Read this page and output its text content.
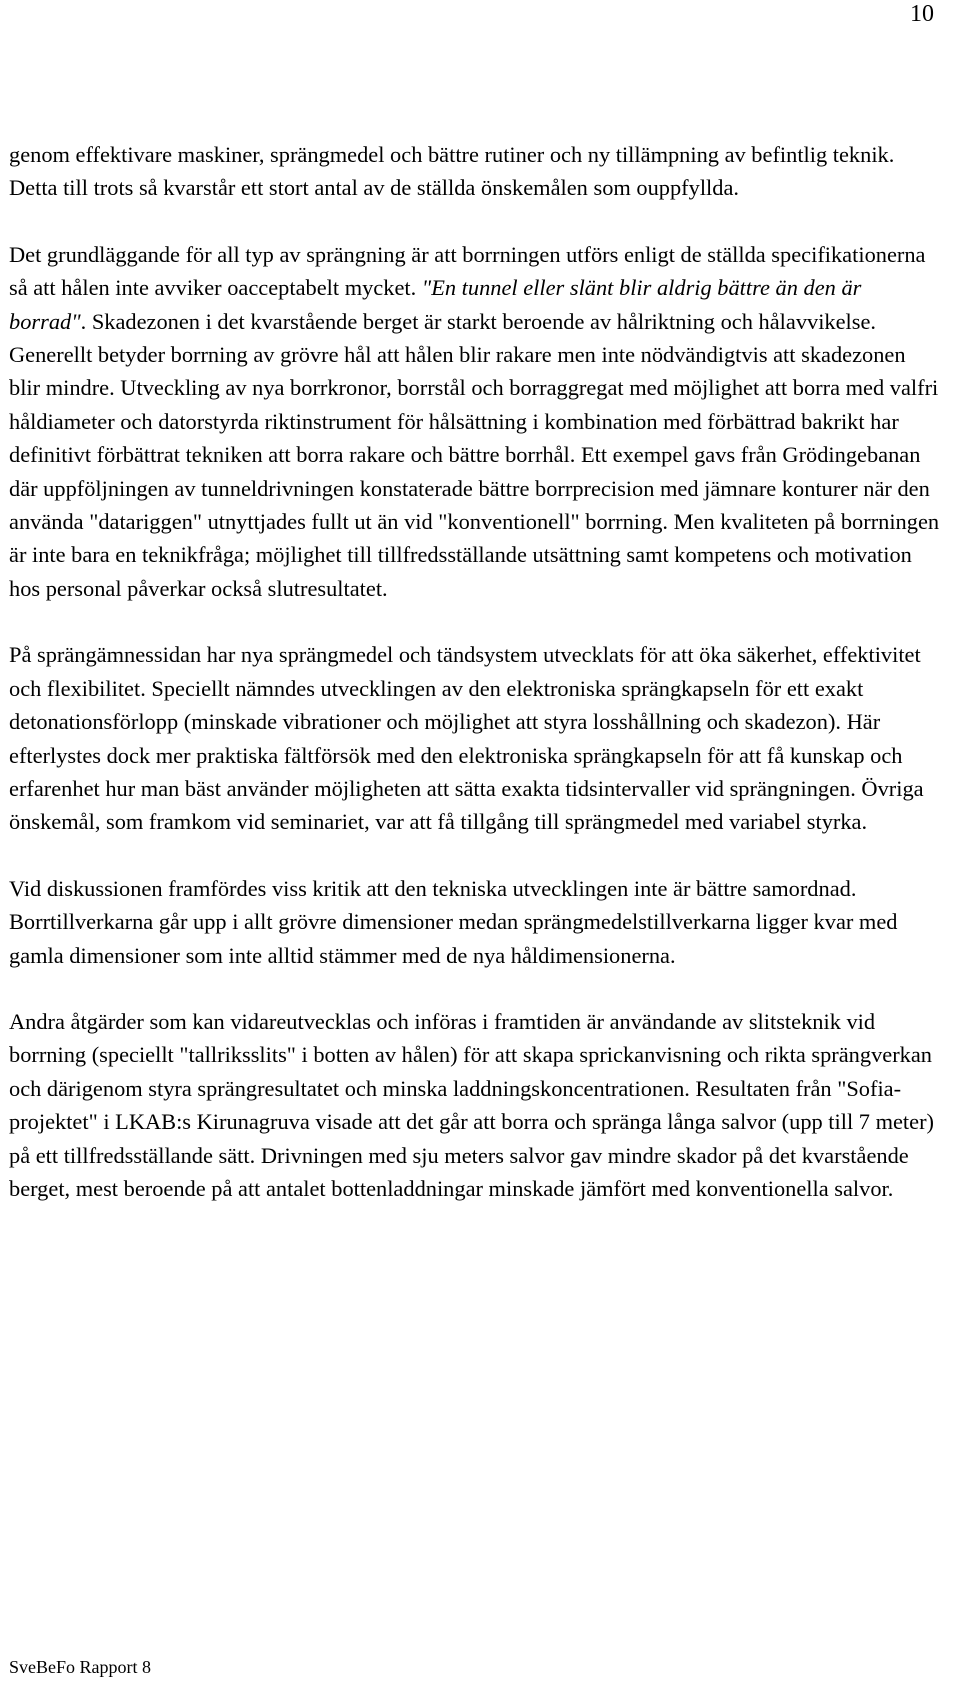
10

genom effektivare maskiner, sprängmedel och bättre rutiner och ny tillämpning av befintlig teknik. Detta till trots så kvarstår ett stort antal av de ställda önskemålen som ouppfyllda.

Det grundläggande för all typ av sprängning är att borrningen utförs enligt de ställda specifikationerna så att hålen inte avviker oacceptabelt mycket. "En tunnel eller slänt blir aldrig bättre än den är borrad". Skadezonen i det kvarstående berget är starkt beroende av hålriktning och hålavvikelse. Generellt betyder borrning av grövre hål att hålen blir rakare men inte nödvändigtvis att skadezonen blir mindre. Utveckling av nya borrkronor, borrstål och borraggregat med möjlighet att borra med valfri håldiameter och datorstyrda riktinstrument för hålsättning i kombination med förbättrad bakrikt har definitivt förbättrat tekniken att borra rakare och bättre borrhål. Ett exempel gavs från Grödingebanan där uppföljningen av tunneldrivningen konstaterade bättre borrprecision med jämnare konturer när den använda "datariggen" utnyttjades fullt ut än vid "konventionell" borrning. Men kvaliteten på borrningen är inte bara en teknikfråga; möjlighet till tillfredsställande utsättning samt kompetens och motivation hos personal påverkar också slutresultatet.

På sprängämnessidan har nya sprängmedel och tändsystem utvecklats för att öka säkerhet, effektivitet och flexibilitet. Speciellt nämndes utvecklingen av den elektroniska sprängkapseln för ett exakt detonationsförlopp (minskade vibrationer och möjlighet att styra losshållning och skadezon). Här efterlystes dock mer praktiska fältförsök med den elektroniska sprängkapseln för att få kunskap och erfarenhet hur man bäst använder möjligheten att sätta exakta tidsintervaller vid sprängningen. Övriga önskemål, som framkom vid seminariet, var att få tillgång till sprängmedel med variabel styrka.

Vid diskussionen framfördes viss kritik att den tekniska utvecklingen inte är bättre samordnad. Borrtillverkarna går upp i allt grövre dimensioner medan sprängmedelstillverkarna ligger kvar med gamla dimensioner som inte alltid stämmer med de nya håldimensionerna.

Andra åtgärder som kan vidareutvecklas och införas i framtiden är användande av slitsteknik vid borrning (speciellt "tallriksslits" i botten av hålen) för att skapa sprickanvisning och rikta sprängverkan och därigenom styra sprängresultatet och minska laddningskoncentrationen. Resultaten från "Sofia-projektet" i LKAB:s Kirunagruva visade att det går att borra och spränga långa salvor (upp till 7 meter) på ett tillfredsställande sätt. Drivningen med sju meters salvor gav mindre skador på det kvarstående berget, mest beroende på att antalet bottenladdningar minskade jämfört med konventionella salvor.

SveBeFo Rapport 8
